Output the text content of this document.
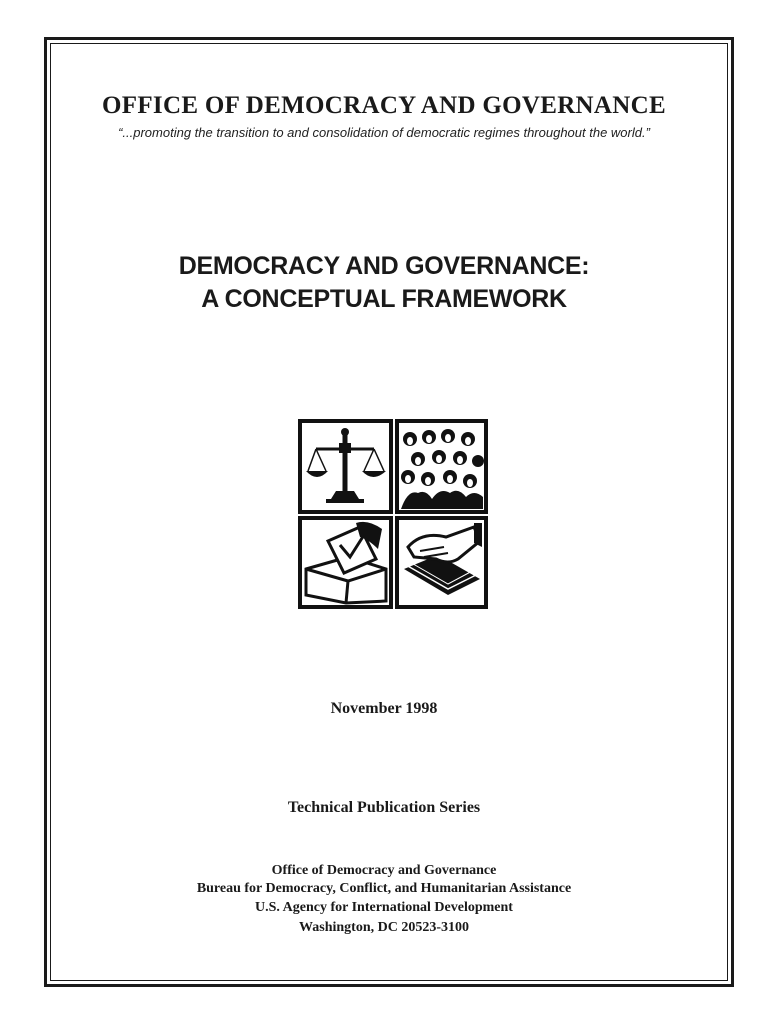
OFFICE OF DEMOCRACY AND GOVERNANCE
“...promoting the transition to and consolidation of democratic regimes throughout the world.”
DEMOCRACY AND GOVERNANCE:
A CONCEPTUAL FRAMEWORK
November 1998
Technical Publication Series
Office of Democracy and Governance
Bureau for Democracy, Conflict, and Humanitarian Assistance
U.S. Agency for International Development
Washington, DC 20523-3100
